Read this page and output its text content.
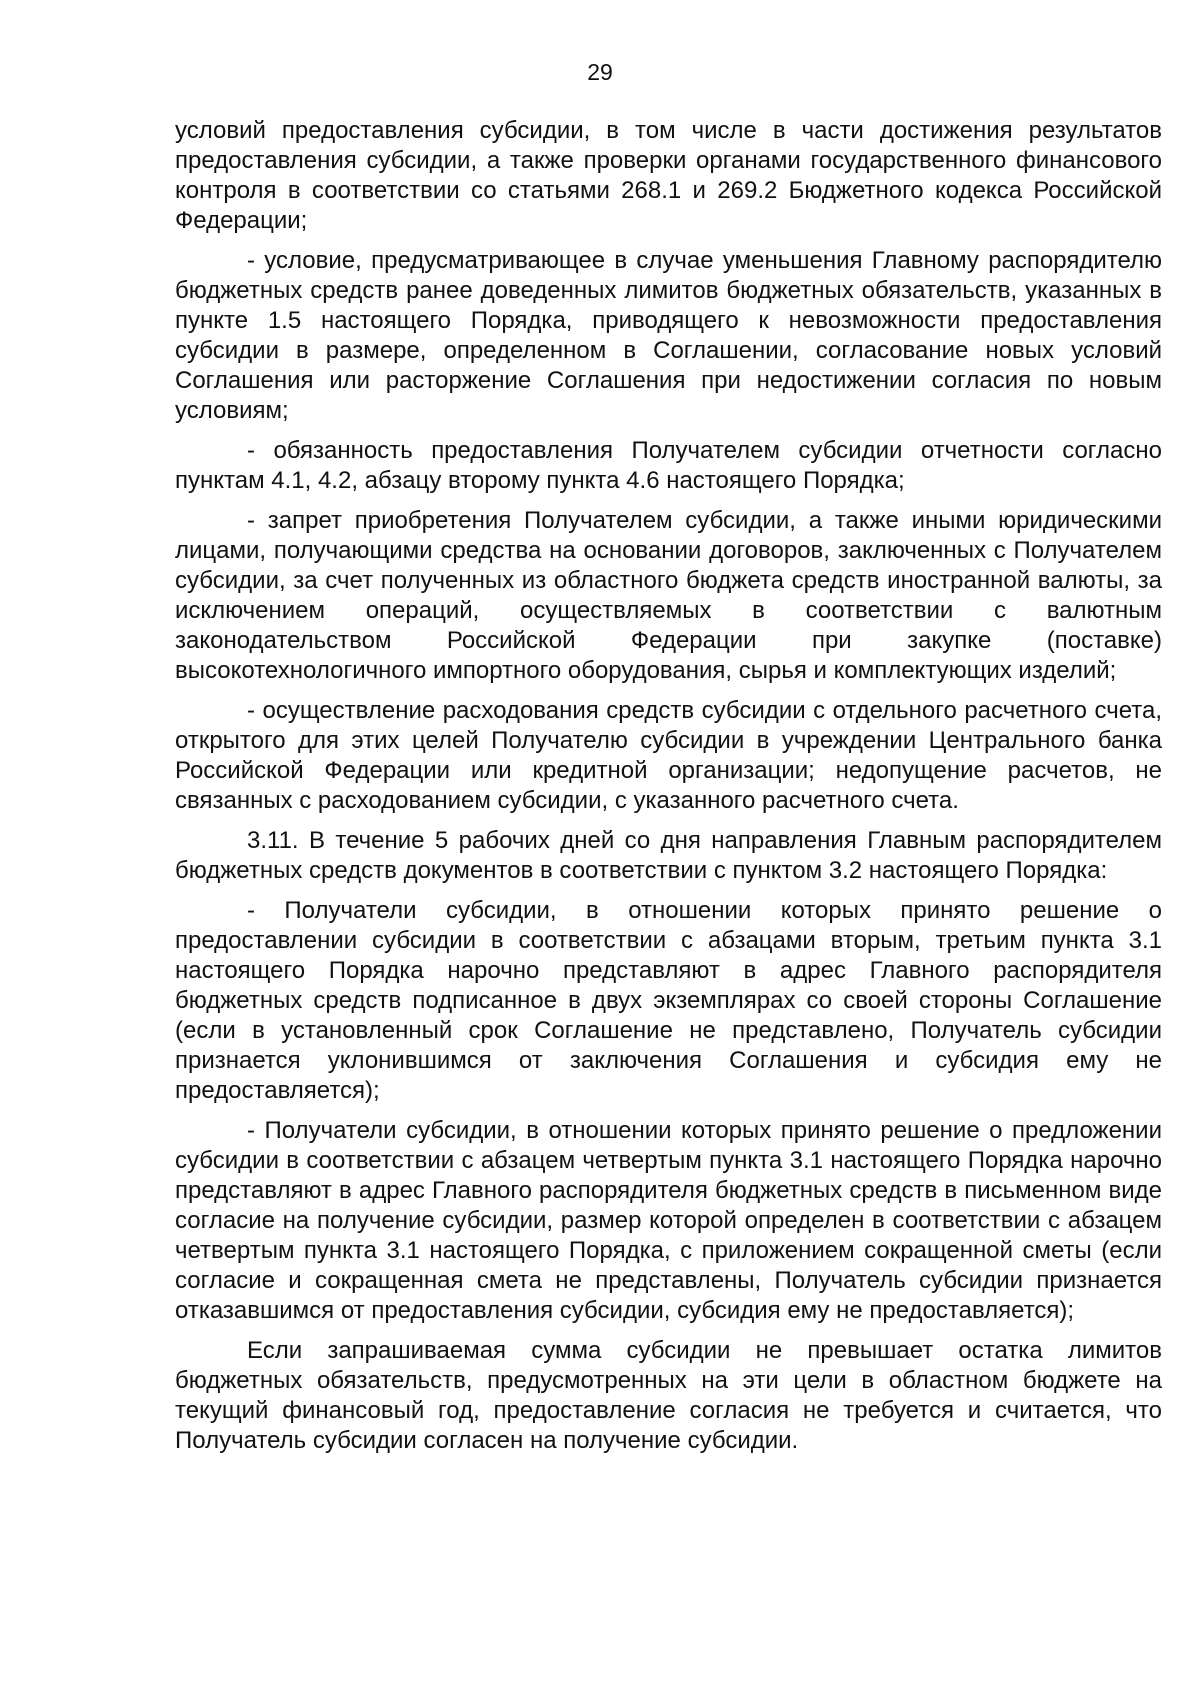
29

условий предоставления субсидии, в том числе в части достижения результатов предоставления субсидии, а также проверки органами государственного финансового контроля в соответствии со статьями 268.1 и 269.2 Бюджетного кодекса Российской Федерации;

- условие, предусматривающее в случае уменьшения Главному распорядителю бюджетных средств ранее доведенных лимитов бюджетных обязательств, указанных в пункте 1.5 настоящего Порядка, приводящего к невозможности предоставления субсидии в размере, определенном в Соглашении, согласование новых условий Соглашения или расторжение Соглашения при недостижении согласия по новым условиям;

- обязанность предоставления Получателем субсидии отчетности согласно пунктам 4.1, 4.2, абзацу второму пункта 4.6 настоящего Порядка;

- запрет приобретения Получателем субсидии, а также иными юридическими лицами, получающими средства на основании договоров, заключенных с Получателем субсидии, за счет полученных из областного бюджета средств иностранной валюты, за исключением операций, осуществляемых в соответствии с валютным законодательством Российской Федерации при закупке (поставке) высокотехнологичного импортного оборудования, сырья и комплектующих изделий;

- осуществление расходования средств субсидии с отдельного расчетного счета, открытого для этих целей Получателю субсидии в учреждении Центрального банка Российской Федерации или кредитной организации; недопущение расчетов, не связанных с расходованием субсидии, с указанного расчетного счета.

3.11. В течение 5 рабочих дней со дня направления Главным распорядителем бюджетных средств документов в соответствии с пунктом 3.2 настоящего Порядка:

- Получатели субсидии, в отношении которых принято решение о предоставлении субсидии в соответствии с абзацами вторым, третьим пункта 3.1 настоящего Порядка нарочно представляют в адрес Главного распорядителя бюджетных средств подписанное в двух экземплярах со своей стороны Соглашение (если в установленный срок Соглашение не представлено, Получатель субсидии признается уклонившимся от заключения Соглашения и субсидия ему не предоставляется);

- Получатели субсидии, в отношении которых принято решение о предложении субсидии в соответствии с абзацем четвертым пункта 3.1 настоящего Порядка нарочно представляют в адрес Главного распорядителя бюджетных средств в письменном виде согласие на получение субсидии, размер которой определен в соответствии с абзацем четвертым пункта 3.1 настоящего Порядка, с приложением сокращенной сметы (если согласие и сокращенная смета не представлены, Получатель субсидии признается отказавшимся от предоставления субсидии, субсидия ему не предоставляется);

Если запрашиваемая сумма субсидии не превышает остатка лимитов бюджетных обязательств, предусмотренных на эти цели в областном бюджете на текущий финансовый год, предоставление согласия не требуется и считается, что Получатель субсидии согласен на получение субсидии.
